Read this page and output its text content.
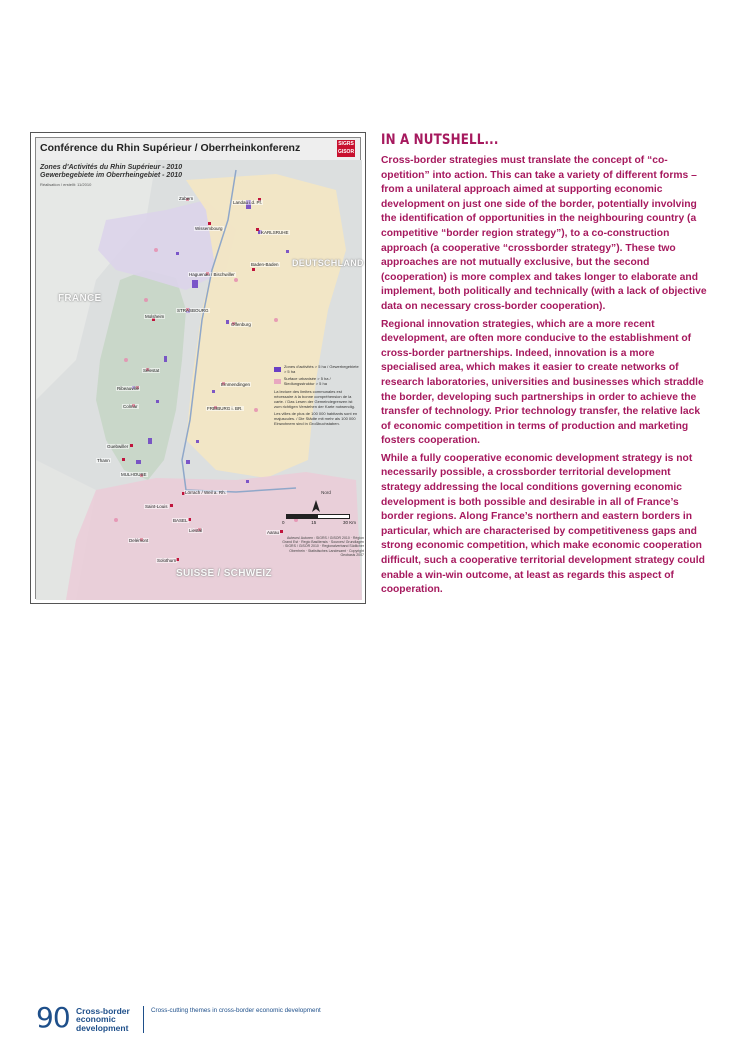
Conférence du Rhin Supérieur / Oberrheinkonferenz	SIGRS GISOR
Zones d'Activités du Rhin Supérieur - 2010
Gewerbegebiete im Oberrheingebiet - 2010
Réalisation / erstellt: 11/2010
FRANCE
DEUTSCHLAND
SUISSE / SCHWEIZ
Landau i.d. Pf.
Zabern
KARLSRUHE
Wissembourg
Haguenau / Bischwiller
Baden-Baden
STRASBOURG
Molsheim
Offenburg
Sélestat
Ribeauvillé
Emmendingen
Colmar	FREIBURG i. BR.
Guebwiller
Thann
MULHOUSE
Lörrach / Weil a. Rh.
Saint-Louis
BASEL
Liestal
Delémont
Aarau
Solothurn
Zones d'activités > 5 ha / Gewerbegebiete > 5 ha
Surface urbanisée > 5 ha / Siedlungsstruktur > 5 ha
La lecture des limites communales est nécessaire à la bonne compréhension de la carte. / Das Lesen der Gemeindegrenzen ist zum richtigen Verstehen der Karte notwendig.
Les villes de plus de 100 000 habitants sont en majuscules. / Die Städte mit mehr als 100 000 Einwohnern sind in Großbuchstaben.
Nord
0	15	30 Km
Auteurs/ Autoren : SIGRS / GISOR 2010 · Région Grand Est · Regio Basiliensis · Sources/ Grundlagen : SIGRS / GISOR 2010 · Regionalverband Südlicher Oberrhein · Statistisches Landesamt · Copyright Geobasis 2007
IN A NUTSHELL...

Cross-border strategies must translate the concept of “co-opetition” into action. This can take a variety of different forms – from a unilateral approach aimed at supporting economic development on just one side of the border, potentially involving the identification of opportunities in the neighbouring country (a competitive “border region strategy”), to a co-construction approach (a cooperative “crossborder strategy”). These two approaches are not mutually exclusive, but the second (cooperation) is more complex and takes longer to elaborate and implement, both politically and technically (with a lack of objective data on necessary cross-border cooperation).

Regional innovation strategies, which are a more recent development, are often more conducive to the establishment of cross-border partnerships. Indeed, innovation is a more specialised area, which makes it easier to create networks of research laboratories, universities and businesses which straddle the border, developing such partnerships in order to achieve the transfer of technology. Prior technology transfer, the relative lack of economic competition in terms of production and marketing fosters cooperation.

While a fully cooperative economic development strategy is not necessarily possible, a crossborder territorial development strategy addressing the local conditions governing economic development is both possible and desirable in all of France’s border regions. Along France’s northern and eastern borders in particular, which are characterised by competitiveness gaps and strong economic competition, which make economic cooperation difficult, such a cooperative territorial development strategy could enable a win-win outcome, at least as regards this aspect of cooperation.

90 Cross-border
economic
development
Cross-cutting themes in cross-border economic development
